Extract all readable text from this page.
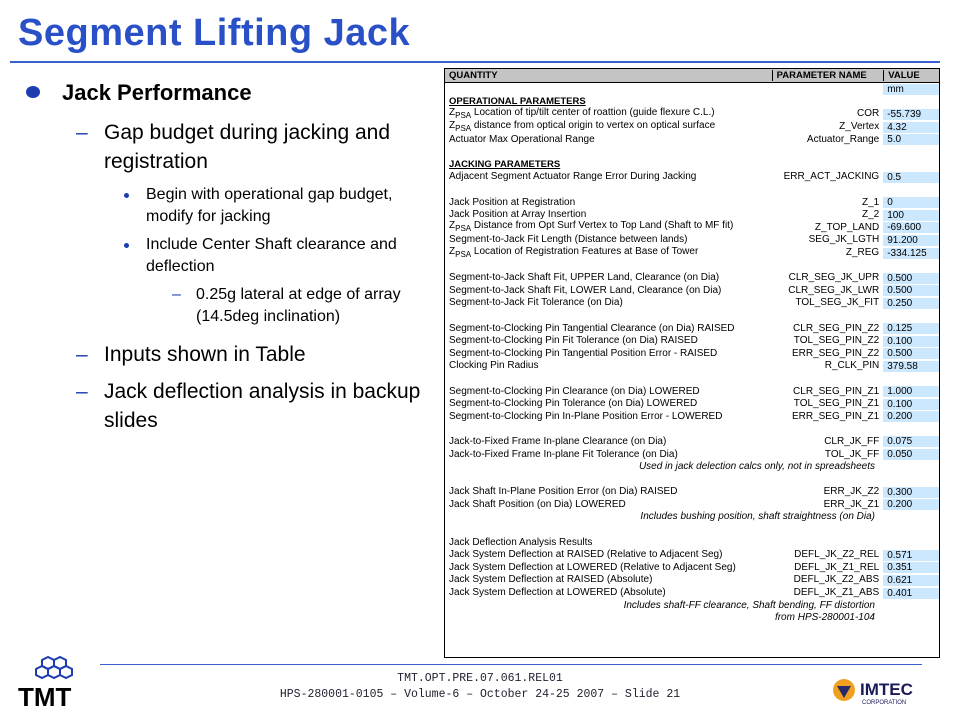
Segment Lifting Jack
Jack Performance
– Gap budget during jacking and registration
Begin with operational gap budget, modify for jacking
Include Center Shaft clearance and deflection
– 0.25g lateral at edge of array (14.5deg inclination)
– Inputs shown in Table
– Jack deflection analysis in backup slides
QUANTITY	PARAMETER NAME	VALUE
mm
OPERATIONAL PARAMETERS
$Z_{PSA}$ Location of tip/tilt center of roattion (guide flexure C.L.)	COR -55.739
$Z_{PSA}$ distance from optical origin to vertex on optical surface	Z_Vertex 4.32
Actuator Max Operational Range	Actuator_Range 5.0
JACKING PARAMETERS
Adjacent Segment Actuator Range Error During Jacking	ERR_ACT_JACKING 0.5
Jack Position at Registration	Z_1 0
Jack Position at Array Insertion	Z_2 100
$Z_{PSA}$ Distance from Opt Surf Vertex to Top Land (Shaft to MF fit)	Z_TOP_LAND -69.600
Segment-to-Jack Fit Length (Distance between lands)	SEG_JK_LGTH 91.200
$Z_{PSA}$ Location of Registration Features at Base of Tower	Z_REG -334.125
Segment-to-Jack Shaft Fit, UPPER Land, Clearance (on Dia)	CLR_SEG_JK_UPR 0.500
Segment-to-Jack Shaft Fit, LOWER Land, Clearance (on Dia)	CLR_SEG_JK_LWR 0.500
Segment-to-Jack Fit Tolerance (on Dia)	TOL_SEG_JK_FIT 0.250
Segment-to-Clocking Pin Tangential Clearance (on Dia) RAISED	CLR_SEG_PIN_Z2 0.125
Segment-to-Clocking Pin Fit Tolerance (on Dia) RAISED	TOL_SEG_PIN_Z2 0.100
Segment-to-Clocking Pin Tangential Position Error - RAISED	ERR_SEG_PIN_Z2 0.500
Clocking Pin Radius	R_CLK_PIN 379.58
Segment-to-Clocking Pin Clearance (on Dia) LOWERED	CLR_SEG_PIN_Z1 1.000
Segment-to-Clocking Pin Tolerance (on Dia) LOWERED	TOL_SEG_PIN_Z1 0.100
Segment-to-Clocking Pin In-Plane Position Error - LOWERED	ERR_SEG_PIN_Z1 0.200
Jack-to-Fixed Frame In-plane Clearance (on Dia)	CLR_JK_FF 0.075
Jack-to-Fixed Frame In-plane Fit Tolerance (on Dia)	TOL_JK_FF 0.050
Used in jack delection calcs only, not in spreadsheets
Jack Shaft In-Plane Position Error (on Dia) RAISED	ERR_JK_Z2 0.300
Jack Shaft Position (on Dia) LOWERED	ERR_JK_Z1 0.200
Includes bushing position, shaft straightness (on Dia)
Jack Deflection Analysis Results
Jack System Deflection at RAISED (Relative to Adjacent Seg)	DEFL_JK_Z2_REL 0.571
Jack System Deflection at LOWERED (Relative to Adjacent Seg)	DEFL_JK_Z1_REL 0.351
Jack System Deflection at RAISED (Absolute)	DEFL_JK_Z2_ABS 0.621
Jack System Deflection at LOWERED (Absolute)	DEFL_JK_Z1_ABS 0.401
Includes shaft-FF clearance, Shaft bending, FF distortion
from HPS-280001-104
TMT.OPT.PRE.07.061.REL01
HPS-280001-0105 – Volume-6 – October 24-25 2007 – Slide 21
TMT	IMTEC
CORPORATION
